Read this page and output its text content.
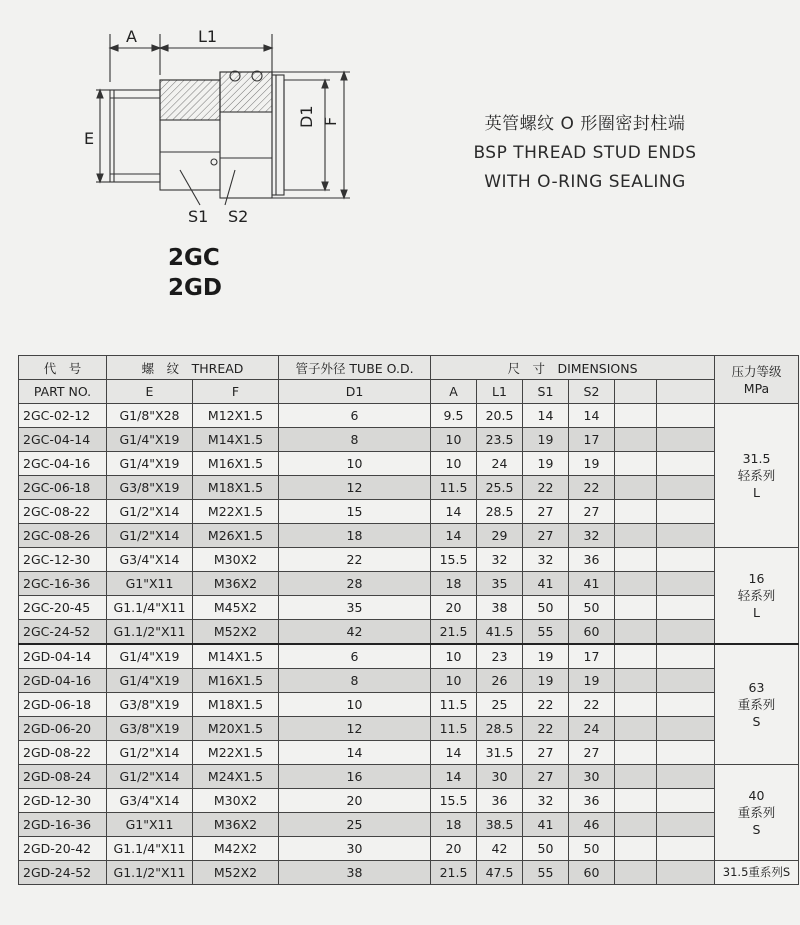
A	L1
E
D1 F
S1 S2
英管螺纹 O 形圈密封柱端
BSP THREAD STUD ENDS
WITH O-RING SEALING
2GC
2GD
代　号	螺　纹　THREAD		管子外径 TUBE O.D.	尺　寸　DIMENSIONS						压力等级
MPa

PART NO.	E	F	D1	A	L1	S1	S2			
2GC-02-12	G1/8"X28	M12X1.5	6	9.5	20.5	14	14			31.5
轻系列
L

2GC-04-14	G1/4"X19	M14X1.5	8	10	23.5	19	17			
2GC-04-16	G1/4"X19	M16X1.5	10	10	24	19	19			
2GC-06-18	G3/8"X19	M18X1.5	12	11.5	25.5	22	22			
2GC-08-22	G1/2"X14	M22X1.5	15	14	28.5	27	27			
2GC-08-26	G1/2"X14	M26X1.5	18	14	29	27	32			
2GC-12-30	G3/4"X14	M30X2	22	15.5	32	32	36			16
轻系列
L

2GC-16-36	G1"X11	M36X2	28	18	35	41	41			
2GC-20-45	G1.1/4"X11	M45X2	35	20	38	50	50			
2GC-24-52	G1.1/2"X11	M52X2	42	21.5	41.5	55	60			
2GD-04-14	G1/4"X19	M14X1.5	6	10	23	19	17			63
重系列
S

2GD-04-16	G1/4"X19	M16X1.5	8	10	26	19	19			
2GD-06-18	G3/8"X19	M18X1.5	10	11.5	25	22	22			
2GD-06-20	G3/8"X19	M20X1.5	12	11.5	28.5	22	24			
2GD-08-22	G1/2"X14	M22X1.5	14	14	31.5	27	27			
2GD-08-24	G1/2"X14	M24X1.5	16	14	30	27	30			40
重系列
S

2GD-12-30	G3/4"X14	M30X2	20	15.5	36	32	36			
2GD-16-36	G1"X11	M36X2	25	18	38.5	41	46			
2GD-20-42	G1.1/4"X11	M42X2	30	20	42	50	50			
2GD-24-52	G1.1/2"X11	M52X2	38	21.5	47.5	55	60			31.5重系列S
